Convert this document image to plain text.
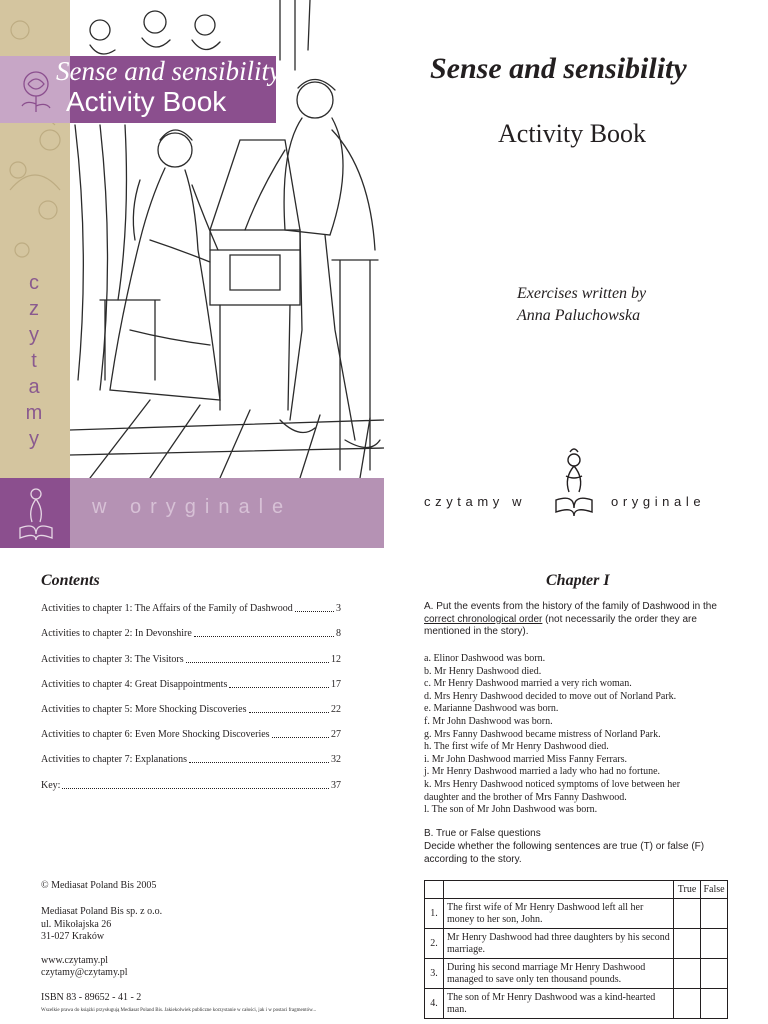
c
z
y
t
a
m
y
Sense and sensibility
Activity Book
w oryginale
Sense and sensibility
Activity Book
Exercises written by
Anna Paluchowska
czytamy w	oryginale
Contents
Activities to chapter 1: The Affairs of the Family of Dashwood	3
Activities to chapter 2: In Devonshire	8
Activities to chapter 3: The Visitors	12
Activities to chapter 4: Great Disappointments	17
Activities to chapter 5: More Shocking Discoveries	22
Activities to chapter 6: Even More Shocking Discoveries	27
Activities to chapter 7: Explanations	32
Key:	37
© Mediasat Poland Bis 2005
Mediasat Poland Bis sp. z o.o.
ul. Mikołajska 26
31-027 Kraków
www.czytamy.pl
czytamy@czytamy.pl
ISBN 83 - 89652 - 41 - 2
Wszelkie prawa do książki przysługują Mediasat Poland Bis. Jakiekolwiek publiczne korzystanie w całości, jak i w postaci fragmentów...
Chapter I
A. Put the events from the history of the family of Dashwood in the correct chronological order (not necessarily the order they are mentioned in the story).
a. Elinor Dashwood was born.
b. Mr Henry Dashwood died.
c. Mr Henry Dashwood married a very rich woman.
d. Mrs Henry Dashwood decided to move out of Norland Park.
e. Marianne Dashwood was born.
f. Mr John Dashwood was born.
g. Mrs Fanny Dashwood became mistress of Norland Park.
h. The first wife of Mr Henry Dashwood died.
i. Mr John Dashwood married Miss Fanny Ferrars.
j. Mr Henry Dashwood married a lady who had no fortune.
k. Mrs Henry Dashwood noticed symptoms of love between her
daughter and the brother of Mrs Fanny Dashwood.
l. The son of Mr John Dashwood was born.
B. True or False questions
Decide whether the following sentences are true (T) or false (F) according to the story.
		True	False
1.	The first wife of Mr Henry Dashwood left all her money to her son, John.		
2.	Mr Henry Dashwood had three daughters by his second marriage.		
3.	During his second marriage Mr Henry Dashwood managed to save only ten thousand pounds.		
4.	The son of Mr Henry Dashwood was a kind-hearted man.		
